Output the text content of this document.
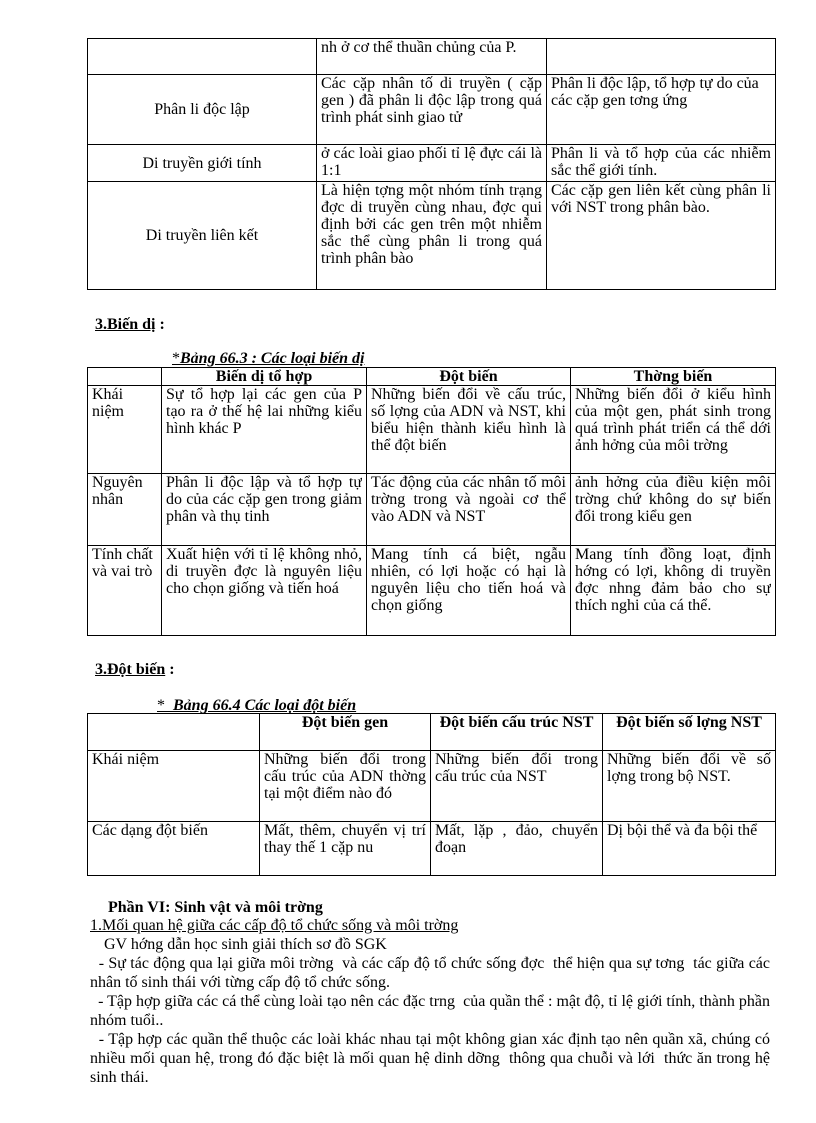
	nh ở cơ thể thuần chủng của P.	

Phân li độc lập	Các cặp nhân tố di truyền ( cặp gen ) đã phân li độc lập trong quá trình phát sinh giao tử	Phân li độc lập, tổ hợp tự do của các cặp gen tơng ứng
Di truyền giới tính	ở các loài giao phối tỉ lệ đực cái là 1:1	Phân li và tổ hợp của các nhiễm sắc thể giới tính.

Di truyền liên kết	Là hiện tợng một nhóm tính trạng đợc di truyền cùng nhau, đợc qui định bởi các gen trên một nhiễm sắc thể cùng phân li trong quá trình phân bào	Các cặp gen liên kết cùng phân li với NST trong phân bào.
3.Biến dị :
*Bảng 66.3 : Các loại biến dị

	Biến dị tổ hợp	Đột biến	Thờng biến

Khái niệm	Sự tổ hợp lại các gen của P tạo ra ở thế hệ lai những kiểu hình khác P	Những biến đổi về cấu trúc, số lợng của ADN và NST, khi biểu hiện thành kiểu hình là thể đột biến	Những biến đổi ở kiểu hình của một gen, phát sinh trong quá trình phát triển cá thể dới ảnh hởng của môi trờng

Nguyên nhân	Phân li độc lập và tổ hợp tự do của các cặp gen trong giảm phân và thụ tinh	Tác động của các nhân tố môi trờng trong và ngoài cơ thể vào ADN và NST	ảnh hởng của điều kiện môi trờng chứ không do sự biến đổi trong kiểu gen

Tính chất và vai trò	Xuất hiện với tỉ lệ không nhỏ, di truyền đợc là nguyên liệu cho chọn giống và tiến hoá	Mang tính cá biệt, ngẫu nhiên, có lợi hoặc có hại là nguyên liệu cho tiến hoá và chọn giống	Mang tính đồng loạt, định hớng có lợi, không di truyền đợc nhng đảm bảo cho sự thích nghi của cá thể.
3.Đột biến :
* Bảng 66.4 Các loại đột biến
	Đột biến gen	Đột biến cấu trúc NST	Đột biến số lợng NST

Khái niệm	Những biến đổi trong cấu trúc của ADN thờng tại một điểm nào đó	Những biến đổi trong cấu trúc của NST	Những biến đổi về số lợng trong bộ NST.
Các dạng đột biến	Mất, thêm, chuyển vị trí thay thế 1 cặp nu	Mất, lặp , đảo, chuyển đoạn	Dị bội thể và đa bội thể
Phần VI: Sinh vật và môi trờng
1.Mối quan hệ giữa các cấp độ tổ chức sống và môi trờng
GV hớng dẫn học sinh giải thích sơ đồ SGK
- Sự tác động qua lại giữa môi trờng  và các cấp độ tổ chức sống đợc  thể hiện qua sự tơng  tác giữa các nhân tố sinh thái với từng cấp độ tổ chức sống.
- Tập hợp giữa các cá thể cùng loài tạo nên các đặc trng  của quần thể : mật độ, tỉ lệ giới tính, thành phần nhóm tuổi..
- Tập hợp các quần thể thuộc các loài khác nhau tại một không gian xác định tạo nên quần xã, chúng có nhiều mối quan hệ, trong đó đặc biệt là mối quan hệ dinh dỡng  thông qua chuỗi và lới  thức ăn trong hệ sinh thái.
